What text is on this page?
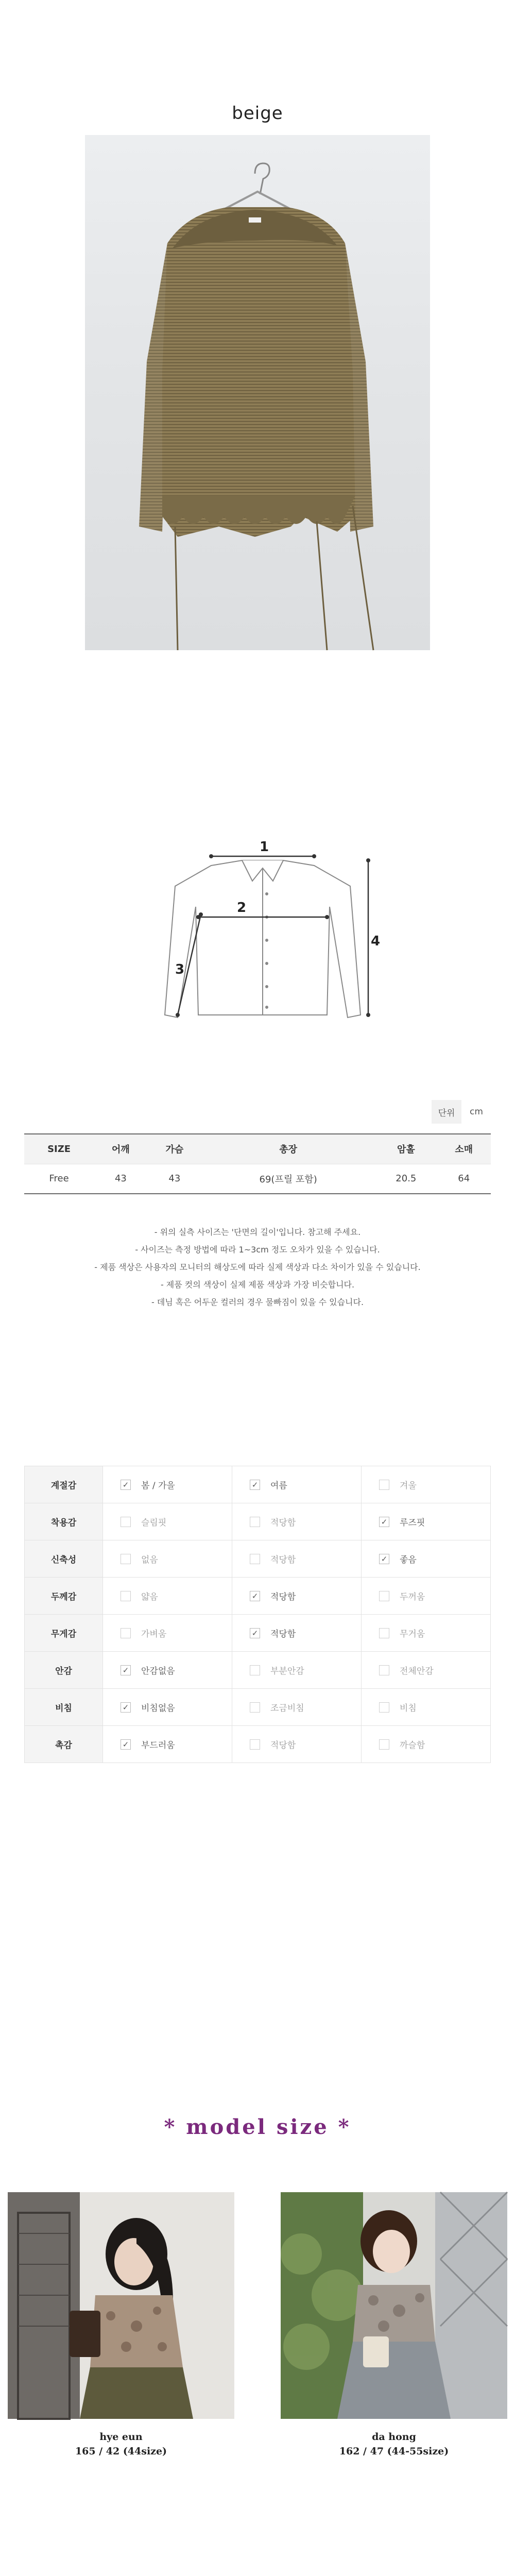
beige
1
2
3
4
단위	cm
SIZE	어깨	가슴	총장	암홀	소매
Free	43	43	69(프릴 포함)	20.5	64
- 위의 실측 사이즈는 '단면의 길이'입니다. 참고해 주세요.
- 사이즈는 측정 방법에 따라 1~3cm 정도 오차가 있을 수 있습니다.
- 제품 색상은 사용자의 모니터의 해상도에 따라 실제 색상과 다소 차이가 있을 수 있습니다.
- 제품 컷의 색상이 실제 제품 색상과 가장 비슷합니다.
- 데님 혹은 어두운 컬러의 경우 물빠짐이 있을 수 있습니다.
계절감	✓ 봄 / 가을	✓ 여름	겨울

착용감	슬림핏	적당함	✓ 루즈핏

신축성	없음	적당함	✓ 좋음

두께감	얇음	✓ 적당함	두꺼움

무게감	가벼움	✓ 적당함	무거움

안감	✓ 안감없음	부분안감	전체안감

비침	✓ 비침없음	조금비침	비침

촉감	✓ 부드러움	적당함	까슬함
* model size *
hye eun
165 / 42 (44size)
da hong
162 / 47 (44-55size)
